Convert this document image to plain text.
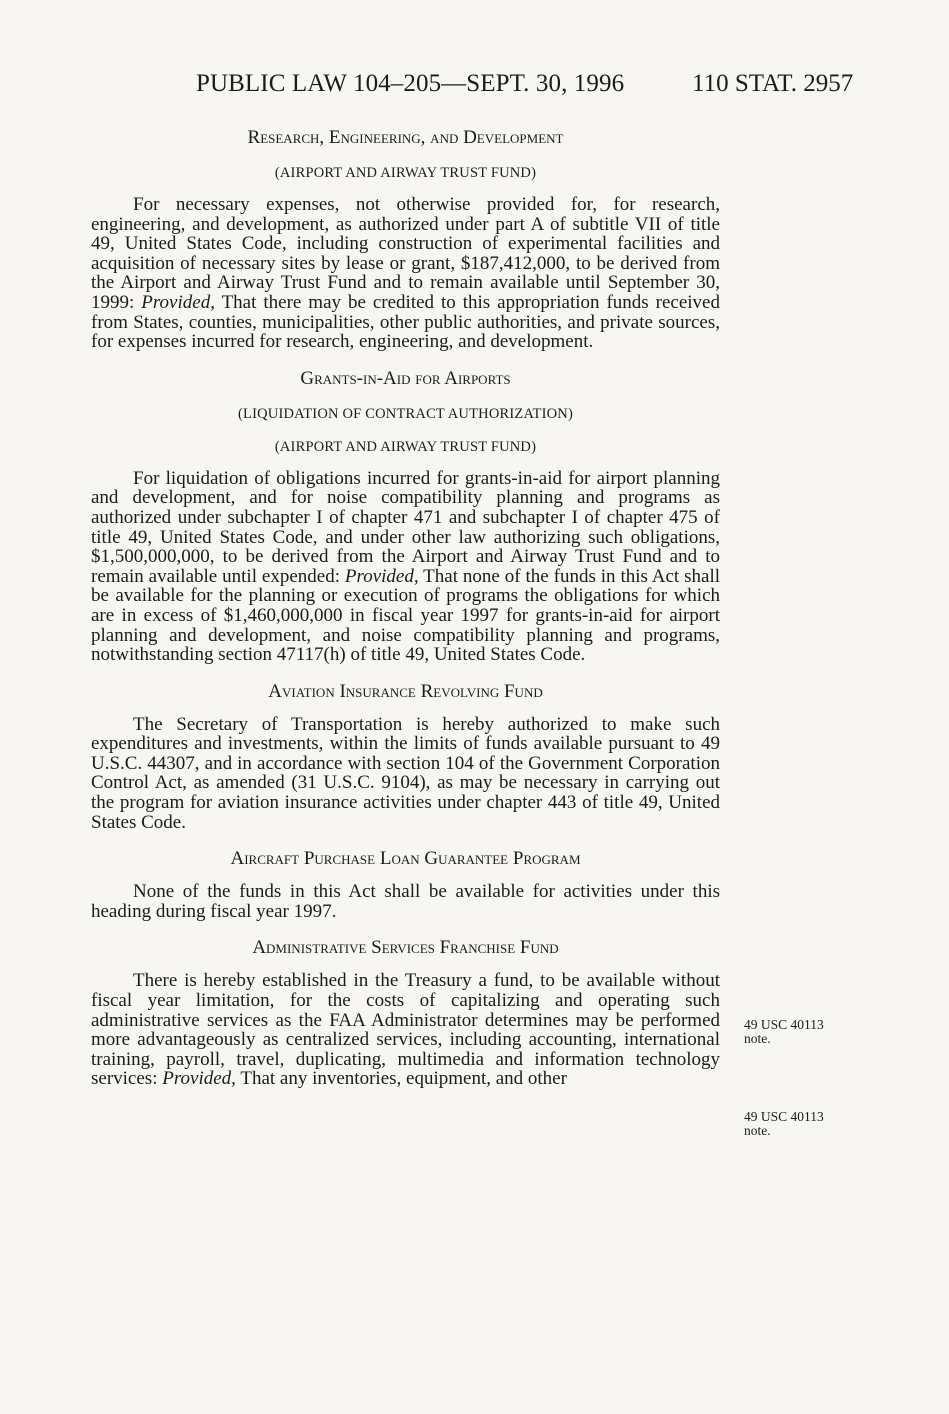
PUBLIC LAW 104–205—SEPT. 30, 1996	110 STAT. 2957
Research, Engineering, and Development
(AIRPORT AND AIRWAY TRUST FUND)

For necessary expenses, not otherwise provided for, for research, engineering, and development, as authorized under part A of subtitle VII of title 49, United States Code, including construction of experimental facilities and acquisition of necessary sites by lease or grant, $187,412,000, to be derived from the Airport and Airway Trust Fund and to remain available until September 30, 1999: Provided, That there may be credited to this appropriation funds received from States, counties, municipalities, other public authorities, and private sources, for expenses incurred for research, engineering, and development.

Grants-in-Aid for Airports
(LIQUIDATION OF CONTRACT AUTHORIZATION)
(AIRPORT AND AIRWAY TRUST FUND)

For liquidation of obligations incurred for grants-in-aid for airport planning and development, and for noise compatibility planning and programs as authorized under subchapter I of chapter 471 and subchapter I of chapter 475 of title 49, United States Code, and under other law authorizing such obligations, $1,500,000,000, to be derived from the Airport and Airway Trust Fund and to remain available until expended: Provided, That none of the funds in this Act shall be available for the planning or execution of programs the obligations for which are in excess of $1,460,000,000 in fiscal year 1997 for grants-in-aid for airport planning and development, and noise compatibility planning and programs, notwithstanding section 47117(h) of title 49, United States Code.

Aviation Insurance Revolving Fund

The Secretary of Transportation is hereby authorized to make such expenditures and investments, within the limits of funds available pursuant to 49 U.S.C. 44307, and in accordance with section 104 of the Government Corporation Control Act, as amended (31 U.S.C. 9104), as may be necessary in carrying out the program for aviation insurance activities under chapter 443 of title 49, United States Code.

Aircraft Purchase Loan Guarantee Program

None of the funds in this Act shall be available for activities under this heading during fiscal year 1997.

Administrative Services Franchise Fund

There is hereby established in the Treasury a fund, to be available without fiscal year limitation, for the costs of capitalizing and operating such administrative services as the FAA Administrator determines may be performed more advantageously as centralized services, including accounting, international training, payroll, travel, duplicating, multimedia and information technology services: Provided, That any inventories, equipment, and other

49 USC 40113
note.
49 USC 40113
note.
